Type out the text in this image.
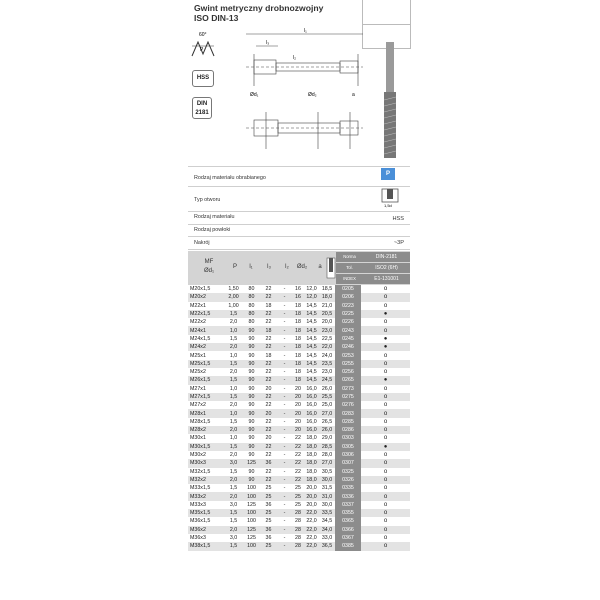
Gwint metryczny drobnozwojny
ISO DIN-13
60°
P
HSS
DIN
2181
l₁
l₃
l₂
Ød₁	Ød₂	a
Rodzaj materiału obrabianego
P
Typ otworu
1,5d
Rodzaj materiału	HSS
Rodzaj powłoki
Nakrój	~3P
MF
Ød₁
P	l₁	l₃	l₂	Ød₂	a
Norma	DIN-2181
Tol.	ISO2 (6H)
INDEX	E1-131001
M20x1,5	1,50	80	22	-	16	12,0	18,5	0205	o
M20x2	2,00	80	22	-	16	12,0	18,0	0206	o
M22x1	1,00	80	18	-	18	14,5	21,0	0223	o
M22x1,5	1,5	80	22	-	18	14,5	20,5	0225	●
M22x2	2,0	80	22	-	18	14,5	20,0	0226	o
M24x1	1,0	90	18	-	18	14,5	23,0	0243	o
M24x1,5	1,5	90	22	-	18	14,5	22,5	0245	●
M24x2	2,0	90	22	-	18	14,5	22,0	0246	●
M25x1	1,0	90	18	-	18	14,5	24,0	0253	o
M25x1,5	1,5	90	22	-	18	14,5	23,5	0255	o
M25x2	2,0	90	22	-	18	14,5	23,0	0256	o
M26x1,5	1,5	90	22	-	18	14,5	24,5	0265	●
M27x1	1,0	90	20	-	20	16,0	26,0	0273	o
M27x1,5	1,5	90	22	-	20	16,0	25,5	0275	o
M27x2	2,0	90	22	-	20	16,0	25,0	0276	o
M28x1	1,0	90	20	-	20	16,0	27,0	0283	o
M28x1,5	1,5	90	22	-	20	16,0	26,5	0285	o
M28x2	2,0	90	22	-	20	16,0	26,0	0286	o
M30x1	1,0	90	20	-	22	18,0	29,0	0303	o
M30x1,5	1,5	90	22	-	22	18,0	28,5	0305	●
M30x2	2,0	90	22	-	22	18,0	28,0	0306	o
M30x3	3,0	125	36	-	22	18,0	27,0	0307	o
M32x1,5	1,5	90	22	-	22	18,0	30,5	0325	o
M32x2	2,0	90	22	-	22	18,0	30,0	0326	o
M33x1,5	1,5	100	25	-	25	20,0	31,5	0335	o
M33x2	2,0	100	25	-	25	20,0	31,0	0336	o
M33x3	3,0	125	36	-	25	20,0	30,0	0337	o
M35x1,5	1,5	100	25	-	28	22,0	33,5	0355	o
M36x1,5	1,5	100	25	-	28	22,0	34,5	0365	o
M36x2	2,0	125	36	-	28	22,0	34,0	0366	o
M36x3	3,0	125	36	-	28	22,0	33,0	0367	o
M38x1,5	1,5	100	25	-	28	22,0	36,5	0385	o
